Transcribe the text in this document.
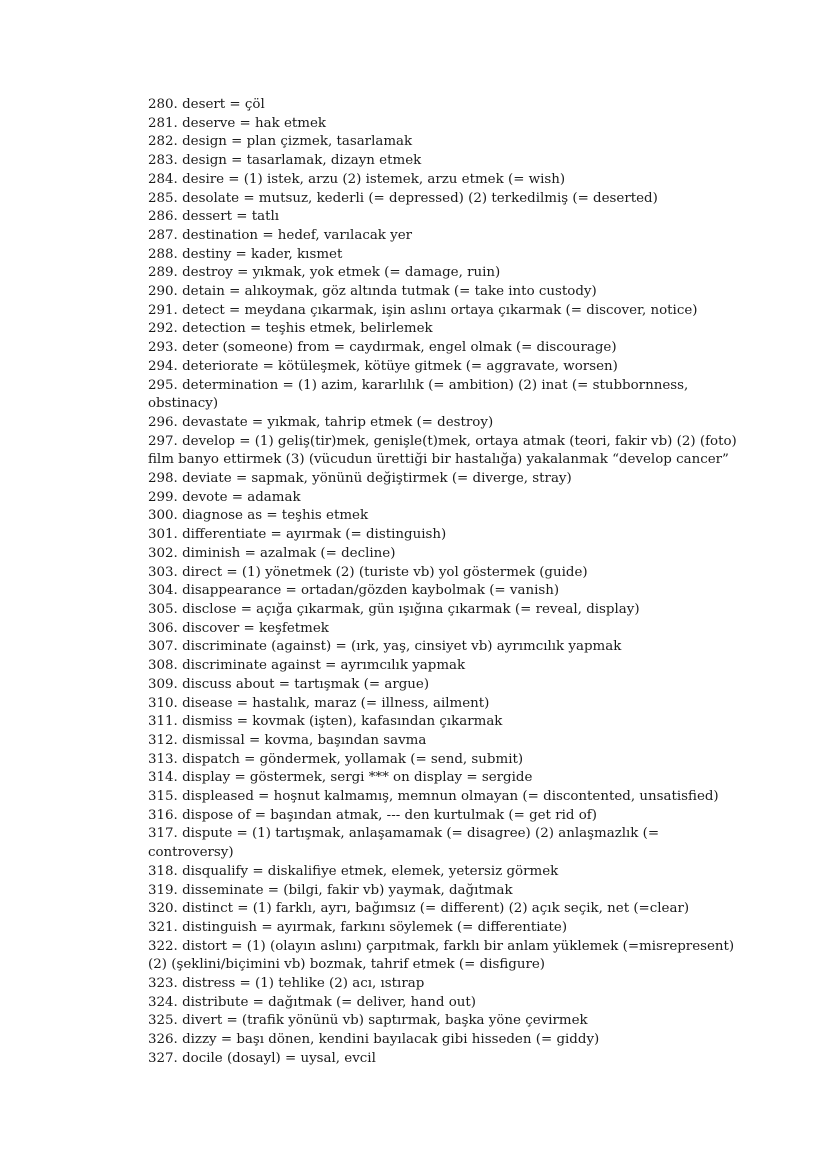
280. desert = çöl
281. deserve = hak etmek
282. design = plan çizmek, tasarlamak
283. design = tasarlamak, dizayn etmek
284. desire = (1) istek, arzu (2) istemek, arzu etmek (= wish)
285. desolate = mutsuz, kederli (= depressed) (2) terkedilmiş (= deserted)
286. dessert = tatlı
287. destination = hedef, varılacak yer
288. destiny = kader, kısmet
289. destroy = yıkmak, yok etmek (= damage, ruin)
290. detain = alıkoymak, göz altında tutmak (= take into custody)
291. detect = meydana çıkarmak, işin aslını ortaya çıkarmak (= discover, notice)
292. detection = teşhis etmek, belirlemek
293. deter (someone) from = caydırmak, engel olmak (= discourage)
294. deteriorate = kötüleşmek, kötüye gitmek (= aggravate, worsen)
295. determination = (1) azim, kararlılık (= ambition) (2) inat (= stubbornness, obstinacy)
296. devastate = yıkmak, tahrip etmek (= destroy)
297. develop = (1) geliş(tir)mek, genişle(t)mek, ortaya atmak (teori, fakir vb) (2) (foto) film banyo ettirmek (3) (vücudun ürettiği bir hastalığa) yakalanmak “develop cancer”
298. deviate = sapmak, yönünü değiştirmek (= diverge, stray)
299. devote = adamak
300. diagnose as = teşhis etmek
301. differentiate = ayırmak (= distinguish)
302. diminish = azalmak (= decline)
303. direct = (1) yönetmek (2) (turiste vb) yol göstermek (guide)
304. disappearance = ortadan/gözden kaybolmak (= vanish)
305. disclose = açığa çıkarmak, gün ışığına çıkarmak (= reveal, display)
306. discover = keşfetmek
307. discriminate (against) = (ırk, yaş, cinsiyet vb) ayrımcılık yapmak
308. discriminate against = ayrımcılık yapmak
309. discuss about = tartışmak (= argue)
310. disease = hastalık, maraz (= illness, ailment)
311. dismiss = kovmak (işten), kafasından çıkarmak
312. dismissal = kovma, başından savma
313. dispatch = göndermek, yollamak (= send, submit)
314. display = göstermek, sergi *** on display = sergide
315. displeased = hoşnut kalmamış, memnun olmayan (= discontented, unsatisfied)
316. dispose of = başından atmak, --- den kurtulmak (= get rid of)
317. dispute = (1) tartışmak, anlaşamamak (= disagree) (2) anlaşmazlık (= controversy)
318. disqualify = diskalifiye etmek, elemek, yetersiz görmek
319. disseminate = (bilgi, fakir vb) yaymak, dağıtmak
320. distinct = (1) farklı, ayrı, bağımsız (= different) (2) açık seçik, net (=clear)
321. distinguish = ayırmak, farkını söylemek (= differentiate)
322. distort = (1) (olayın aslını) çarpıtmak, farklı bir anlam yüklemek (=misrepresent) (2) (şeklini/biçimini vb) bozmak, tahrif etmek (= disfigure)
323. distress = (1) tehlike (2) acı, ıstırap
324. distribute = dağıtmak (= deliver, hand out)
325. divert = (trafik yönünü vb) saptırmak, başka yöne çevirmek
326. dizzy = başı dönen, kendini bayılacak gibi hisseden (= giddy)
327. docile (dosayl) = uysal, evcil
